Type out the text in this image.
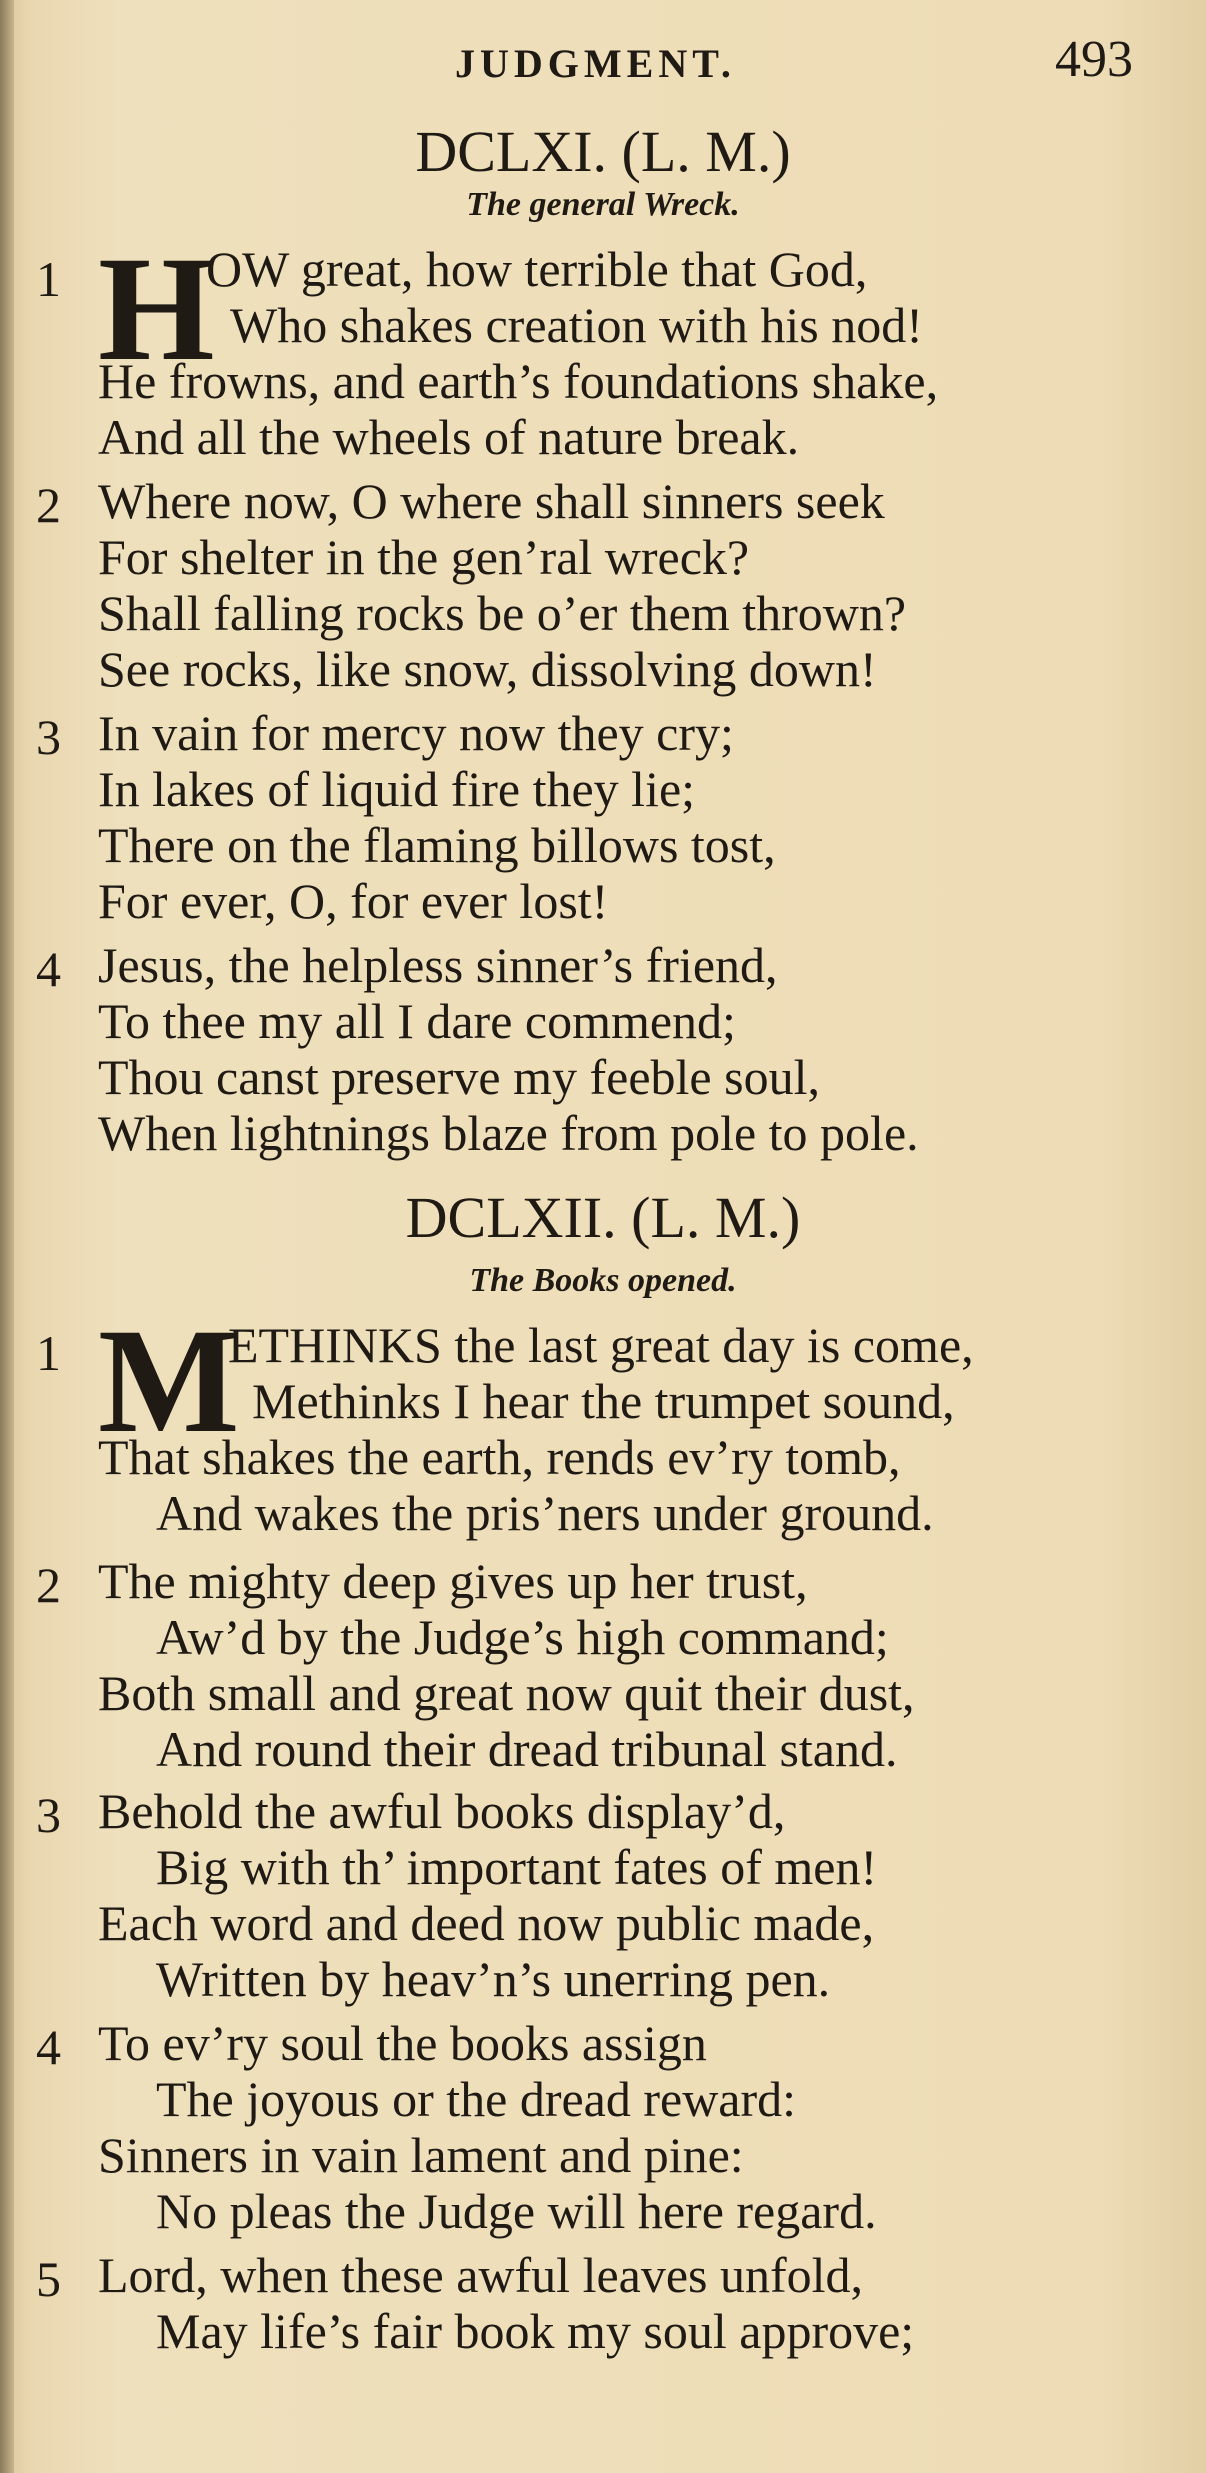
JUDGMENT.	493
DCLXI. (L. M.)
The general Wreck.
1 H
OW great, how terrible that God,
Who shakes creation with his nod!
He frowns, and earth’s foundations shake,
And all the wheels of nature break.
2 Where now, O where shall sinners seek
For shelter in the gen’ral wreck?
Shall falling rocks be o’er them thrown?
See rocks, like snow, dissolving down!
3 In vain for mercy now they cry;
In lakes of liquid fire they lie;
There on the flaming billows tost,
For ever, O, for ever lost!
4 Jesus, the helpless sinner’s friend,
To thee my all I dare commend;
Thou canst preserve my feeble soul,
When lightnings blaze from pole to pole.
DCLXII. (L. M.)
The Books opened.
1 M
ETHINKS the last great day is come,
Methinks I hear the trumpet sound,
That shakes the earth, rends ev’ry tomb,
And wakes the pris’ners under ground.
2 The mighty deep gives up her trust,
Aw’d by the Judge’s high command;
Both small and great now quit their dust,
And round their dread tribunal stand.
3 Behold the awful books display’d,
Big with th’ important fates of men!
Each word and deed now public made,
Written by heav’n’s unerring pen.
4 To ev’ry soul the books assign
The joyous or the dread reward:
Sinners in vain lament and pine:
No pleas the Judge will here regard.
5 Lord, when these awful leaves unfold,
May life’s fair book my soul approve;
